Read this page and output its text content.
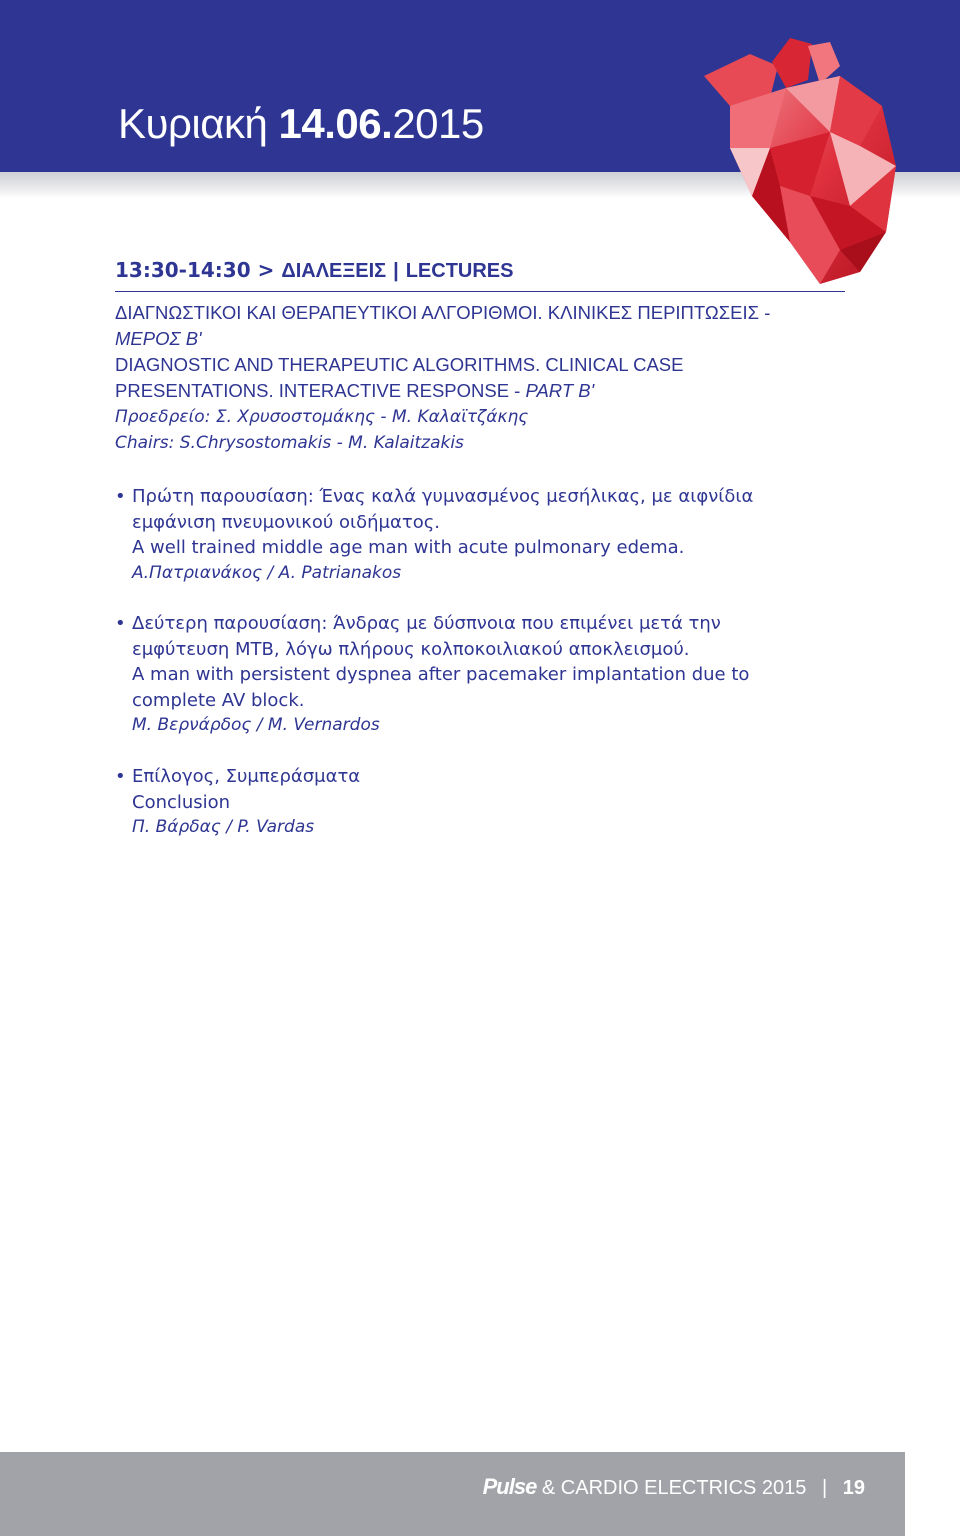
Κυριακή 14.06.2015
13:30-14:30 > ΔΙΑΛΕΞΕΙΣ | LECTURES

ΔΙΑΓΝΩΣΤΙΚΟΙ ΚΑΙ ΘΕΡΑΠΕΥΤΙΚΟΙ ΑΛΓΟΡΙΘΜΟΙ. ΚΛΙΝΙΚΕΣ ΠΕΡΙΠΤΩΣΕΙΣ -

ΜΕΡΟΣ Β'

DIAGNOSTIC AND THERAPEUTIC ALGORITHMS. CLINICAL CASE

PRESENTATIONS. INTERACTIVE RESPONSE - PART B'

Προεδρείο: Σ. Χρυσοστομάκης - Μ. Καλαϊτζάκης

Chairs: S.Chrysostomakis - M. Kalaitzakis

• Πρώτη παρουσίαση: Ένας καλά γυμνασμένος μεσήλικας, με αιφνίδια

εμφάνιση πνευμονικού οιδήματος.

A well trained middle age man with acute pulmonary edema.

Α.Πατριανάκος / A. Patrianakos

• Δεύτερη παρουσίαση: Άνδρας με δύσπνοια που επιμένει μετά την

εμφύτευση ΜΤΒ, λόγω πλήρους κολποκοιλιακού αποκλεισμού.

A man with persistent dyspnea after pacemaker implantation due to

complete AV block.

Μ. Βερνάρδος / M. Vernardos

• Επίλογος, Συμπεράσματα

Conclusion

Π. Βάρδας / P. Vardas

Pulse & CARDIO ELECTRICS 2015 | 19
